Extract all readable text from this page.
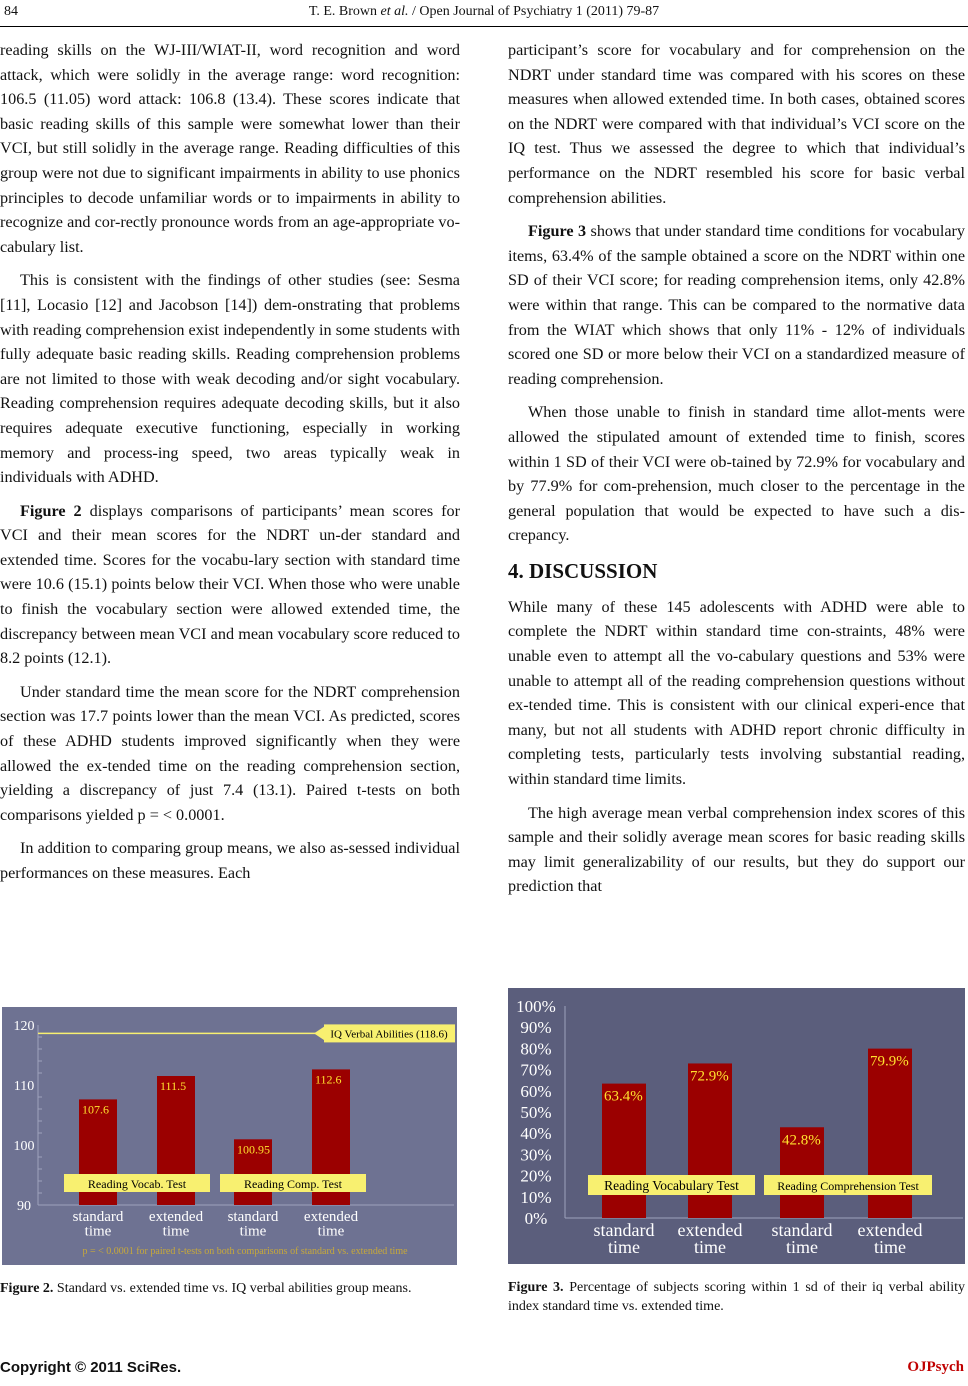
84	T. E. Brown et al. / Open Journal of Psychiatry 1 (2011) 79-87

reading skills on the WJ-III/WIAT-II, word recognition and word attack, which were solidly in the average range: word recognition: 106.5 (11.05) word attack: 106.8 (13.4). These scores indicate that basic reading skills of this sample were somewhat lower than their VCI, but still solidly in the average range. Reading difficulties of this group were not due to significant impairments in ability to use phonics principles to decode unfamiliar words or to impairments in ability to recognize and cor-rectly pronounce words from an age-appropriate vo-cabulary list.

This is consistent with the findings of other studies (see: Sesma [11], Locasio [12] and Jacobson [14]) dem-onstrating that problems with reading comprehension exist independently in some students with fully adequate basic reading skills. Reading comprehension problems are not limited to those with weak decoding and/or sight vocabulary. Reading comprehension requires adequate decoding skills, but it also requires adequate executive functioning, especially in working memory and process-ing speed, two areas typically weak in individuals with ADHD.

Figure 2 displays comparisons of participants’ mean scores for VCI and their mean scores for the NDRT un-der standard and extended time. Scores for the vocabu-lary section with standard time were 10.6 (15.1) points below their VCI. When those who were unable to finish the vocabulary section were allowed extended time, the discrepancy between mean VCI and mean vocabulary score reduced to 8.2 points (12.1).

Under standard time the mean score for the NDRT comprehension section was 17.7 points lower than the mean VCI. As predicted, scores of these ADHD students improved significantly when they were allowed the ex-tended time on the reading comprehension section, yielding a discrepancy of just 7.4 (13.1). Paired t-tests on both comparisons yielded p = < 0.0001.

In addition to comparing group means, we also as-sessed individual performances on these measures. Each

participant’s score for vocabulary and for comprehension on the NDRT under standard time was compared with his scores on these measures when allowed extended time. In both cases, obtained scores on the NDRT were compared with that individual’s VCI score on the IQ test. Thus we assessed the degree to which that individual’s performance on the NDRT resembled his score for basic verbal comprehension abilities.

Figure 3 shows that under standard time conditions for vocabulary items, 63.4% of the sample obtained a score on the NDRT within one SD of their VCI score; for reading comprehension items, only 42.8% were within that range. This can be compared to the normative data from the WIAT which shows that only 11% - 12% of individuals scored one SD or more below their VCI on a standardized measure of reading comprehension.

When those unable to finish in standard time allot-ments were allowed the stipulated amount of extended time to finish, scores within 1 SD of their VCI were ob-tained by 72.9% for vocabulary and by 77.9% for com-prehension, much closer to the percentage in the general population that would be expected to have such a dis-crepancy.

4. DISCUSSION

While many of these 145 adolescents with ADHD were able to complete the NDRT within standard time con-straints, 48% were unable even to attempt all the vo-cabulary questions and 53% were unable to attempt all of the reading comprehension questions without ex-tended time. This is consistent with our clinical experi-ence that many, but not all students with ADHD report chronic difficulty in completing tests, particularly tests involving substantial reading, within standard time limits.

The high average mean verbal comprehension index scores of this sample and their solidly average mean scores for basic reading skills may limit generalizability of our results, but they do support our prediction that

90
100
110
120
IQ Verbal Abilities (118.6)
107.6
standard time
111.5
extended time
100.95
standard time
112.6
extended time
Reading Vocab. Test	Reading Comp. Test
p = < 0.0001 for paired t-tests on both comparisons of standard vs. extended time
Figure 2. Standard vs. extended time vs. IQ verbal abilities group means.
0%
10%
20%
30%
40%
50%
60%
70%
80%
90%
100%
63.4%
standard time
72.9%
extended time
42.8%
standard time
79.9%
extended time
Reading Vocabulary Test	Reading Comprehension Test
Figure 3. Percentage of subjects scoring within 1 sd of their iq verbal ability index standard time vs. extended time.
Copyright © 2011 SciRes.	OJPsych
